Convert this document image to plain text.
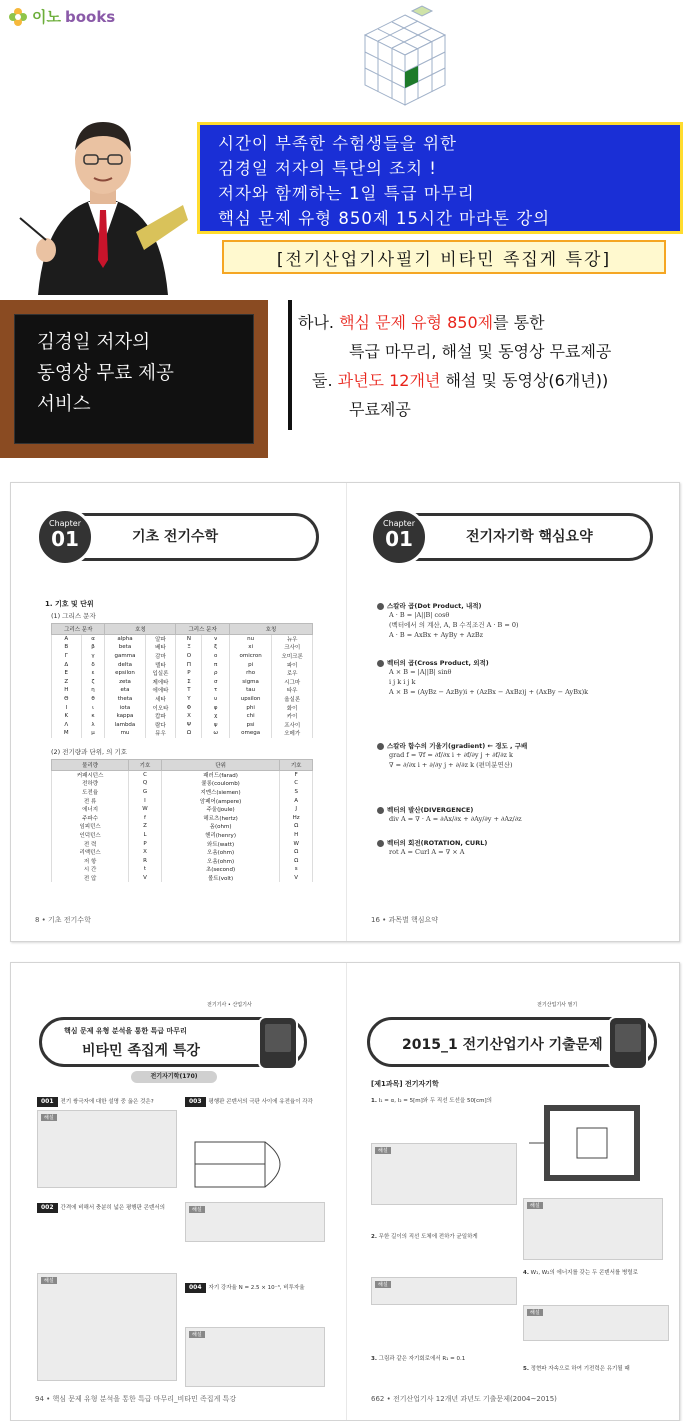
이노 books
시간이 부족한 수험생들을 위한
김경일 저자의 특단의 조치 !
저자와 함께하는 1일 특급 마무리
핵심 문제 유형 850제 15시간 마라톤 강의
[전기산업기사필기 비타민 족집게 특강]
김경일 저자의
동영상 무료 제공
서비스
하나. 핵심 문제 유형 850제를 통한
특급 마무리, 해설 및 동영상 무료제공
둘. 과년도 12개년 해설 및 동영상(6개년))
무료제공
Chapter
01	기초 전기수학
1. 기호 및 단위
(1) 그리스 문자
그리스 문자		호칭		그리스 문자		호칭	
Α	α	alpha	알파	Ν	ν	nu	뉴우
Β	β	beta	베타	Ξ	ξ	xi	크사이
Γ	γ	gamma	감마	Ο	ο	omicron	오미크론
Δ	δ	delta	델타	Π	π	pi	파이
Ε	ε	epsilon	입실론	Ρ	ρ	rho	로우
Ζ	ζ	zeta	제에타	Σ	σ	sigma	시그마
Η	η	eta	에에타	Τ	τ	tau	타우
Θ	θ	theta	세타	Υ	υ	upsilon	웁실론
Ι	ι	iota	이오타	Φ	φ	phi	화이
Κ	κ	kappa	캅파	Χ	χ	chi	카이
Λ	λ	lambda	람다	Ψ	ψ	psi	프사이
Μ	μ	mu	뮤우	Ω	ω	omega	오메가
(2) 전기량과 단위, 의 기호
물리량	기호	단위	기호
커패시턴스	C	패러드(farad)	F
전하량	Q	쿨롱(coulomb)	C
도전율	G	지멘스(siemen)	S
전 류	I	암페어(ampere)	A
에너지	W	주울(joule)	J
주파수	f	헤르츠(hertz)	Hz
임피던스	Z	옴(ohm)	Ω
인덕턴스	L	헨리(henry)	H
전 력	P	와트(watt)	W
리액턴스	X	오옴(ohm)	Ω
저 항	R	오옴(ohm)	Ω
시 간	t	초(second)	s
전 압	V	볼트(volt)	V
8 • 기초 전기수학
Chapter
01	전기자기학 핵심요약
스칼라 곱(Dot Product, 내적)
A · B = |A||B| cosθ
(벡터에서 의 계산, A, B 수직조건 A · B = 0)
A · B = AxBx + AyBy + AzBz
벡터의 곱(Cross Product, 외적)
A × B = |A||B| sinθ
i j k i j k
A × B = (AyBz − AzBy)i + (AzBx − AxBz)j + (AxBy − AyBx)k
스칼라 함수의 기울기(gradient) ← 경도 , 구배
grad f = ∇f = ∂f/∂x i + ∂f/∂y j + ∂f/∂z k
∇ = ∂/∂x i + ∂/∂y j + ∂/∂z k (편미분연산)
벡터의 발산(DIVERGENCE)
div A = ∇ · A = ∂Ax/∂x + ∂Ay/∂y + ∂Az/∂z
벡터의 회전(ROTATION, CURL)
rot A = Curl A = ∇ × A
16 • 과목별 핵심요약
전기기사 • 산업기사
핵심 문제 유형 분석을 통한 특급 마무리
비타민 족집게 특강
전기자기학(170)
001 전기 쌍극자에 대한 설명 중 옳은 것은?
해설
002 간격에 비해서 충분히 넓은 평행판 콘덴서의
해설
003 평행판 콘덴서의 극판 사이에 유전율이 각각
해설
004 자기 강자율 N = 2.5 × 10⁻³, 비투자율
해설
94 • 핵심 문제 유형 분석을 통한 특급 마무리_비타민 족집게 특강
전기산업기사 필기
2015_1 전기산업기사 기출문제
[제1과목] 전기자기학
1. I₁ = α, I₂ = 5[m]와 두 직선 도선을 50[cm]의
해설
2. 무한 길이의 직선 도체에 전하가 균일하게
해설
3. 그림과 같은 자기회로에서 R₁ = 0.1
해설
4. W₁, W₂의 에너지를 갖는 두 콘덴서를 병렬로
해설
5. 정현파 자속으로 하여 기전력은 유기될 때
662 • 전기산업기사 12개년 과년도 기출문제(2004~2015)
